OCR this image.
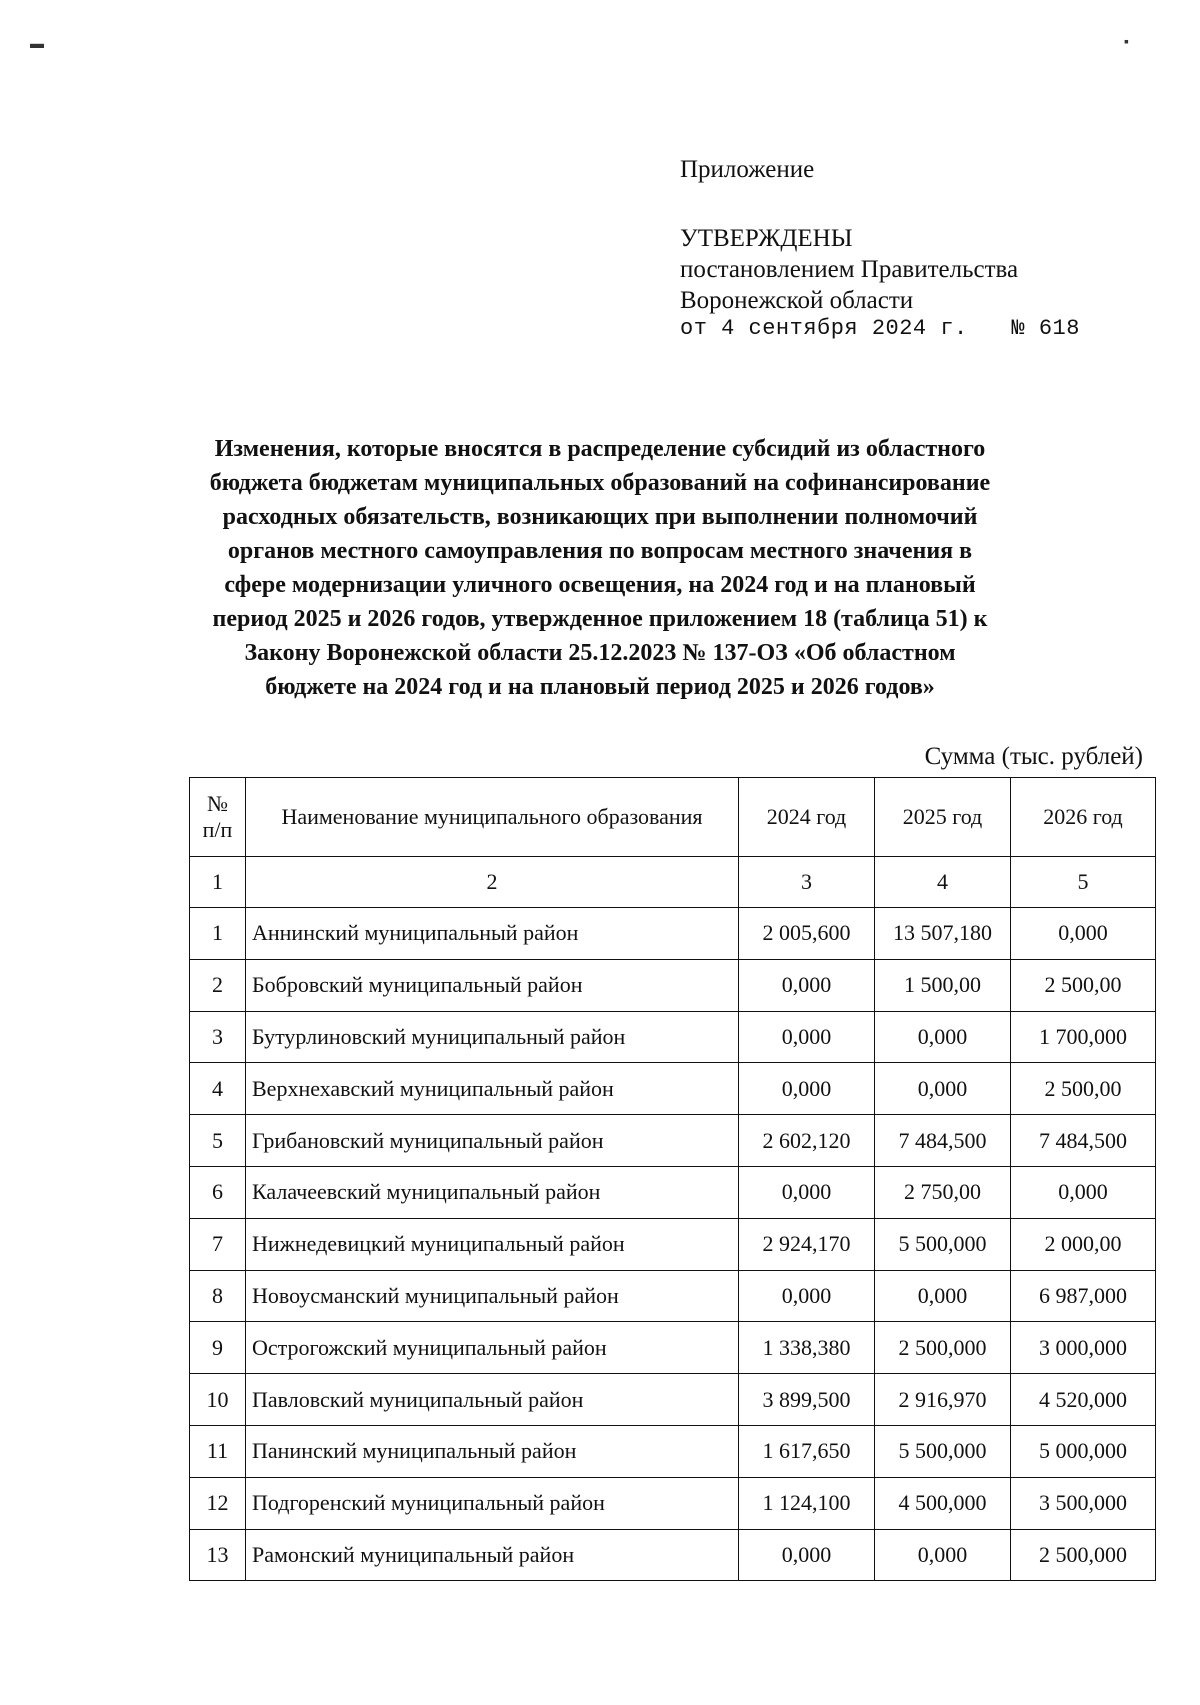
▬	▪
Приложение
УТВЕРЖДЕНЫ
постановлением Правительства
Воронежской области
от 4 сентября 2024 г. № 618
Изменения, которые вносятся в распределение субсидий из областного
бюджета бюджетам муниципальных образований на софинансирование
расходных обязательств, возникающих при выполнении полномочий
органов местного самоуправления по вопросам местного значения в
сфере модернизации уличного освещения, на 2024 год и на плановый
период 2025 и 2026 годов, утвержденное приложением 18 (таблица 51) к
Закону Воронежской области 25.12.2023 № 137-ОЗ «Об областном
бюджете на 2024 год и на плановый период 2025 и 2026 годов»
Сумма (тыс. рублей)
№ п/п	Наименование муниципального образования	2024 год	2025 год	2026 год
1	2	3	4	5
1	Аннинский муниципальный район	2 005,600	13 507,180	0,000
2	Бобровский муниципальный район	0,000	1 500,00	2 500,00
3	Бутурлиновский муниципальный район	0,000	0,000	1 700,000
4	Верхнехавский муниципальный район	0,000	0,000	2 500,00
5	Грибановский муниципальный район	2 602,120	7 484,500	7 484,500
6	Калачеевский муниципальный район	0,000	2 750,00	0,000
7	Нижнедевицкий муниципальный район	2 924,170	5 500,000	2 000,00
8	Новоусманский муниципальный район	0,000	0,000	6 987,000
9	Острогожский муниципальный район	1 338,380	2 500,000	3 000,000
10	Павловский муниципальный район	3 899,500	2 916,970	4 520,000
11	Панинский муниципальный район	1 617,650	5 500,000	5 000,000
12	Подгоренский муниципальный район	1 124,100	4 500,000	3 500,000
13	Рамонский муниципальный район	0,000	0,000	2 500,000
